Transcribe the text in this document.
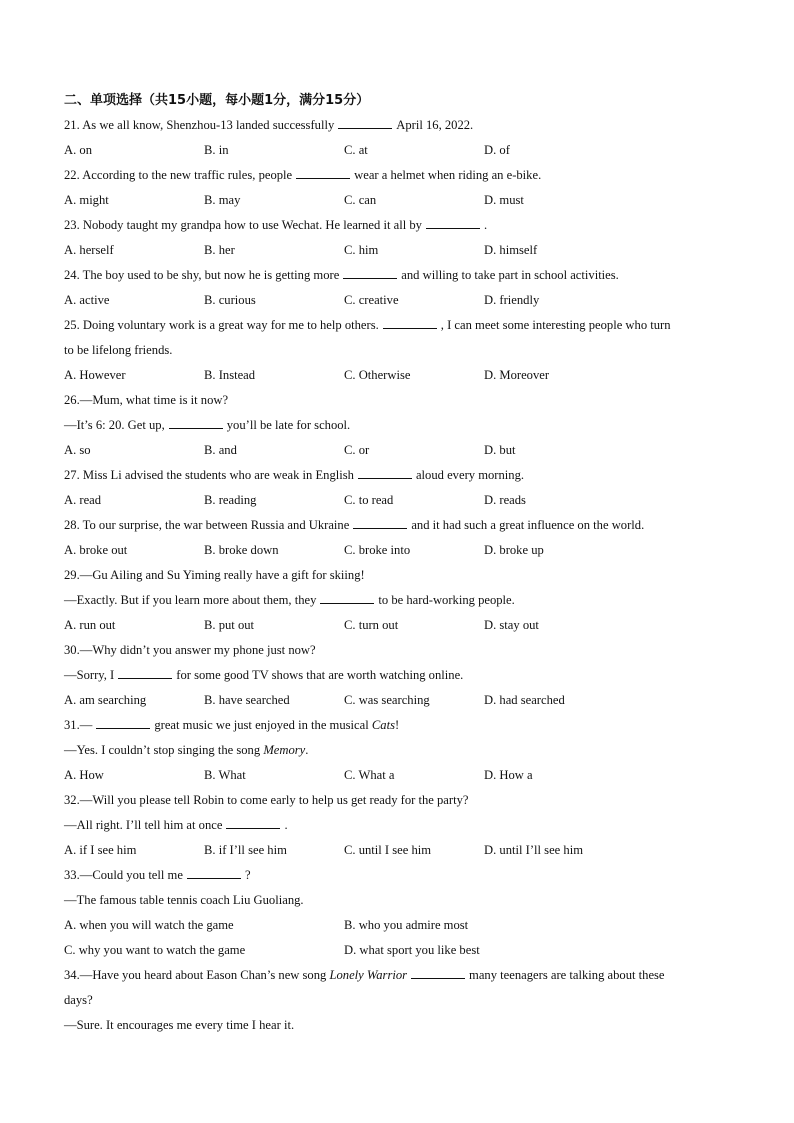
二、单项选择（共15小题，每小题1分，满分15分）
21. As we all know, Shenzhou-13 landed successfully	April 16, 2022.
A. on	B. in	C. at	D. of
22. According to the new traffic rules, people	wear a helmet when riding an e-bike.
A. might	B. may	C. can	D. must
23. Nobody taught my grandpa how to use Wechat. He learned it all by	.
A. herself	B. her	C. him	D. himself
24. The boy used to be shy, but now he is getting more	and willing to take part in school activities.
A. active	B. curious	C. creative	D. friendly
25. Doing voluntary work is a great way for me to help others.	, I can meet some interesting people who turn
to be lifelong friends.
A. However	B. Instead	C. Otherwise	D. Moreover
26.—Mum, what time is it now?
—It’s 6: 20. Get up,	you’ll be late for school.
A. so	B. and	C. or	D. but
27. Miss Li advised the students who are weak in English	aloud every morning.
A. read	B. reading	C. to read	D. reads
28. To our surprise, the war between Russia and Ukraine	and it had such a great influence on the world.
A. broke out	B. broke down	C. broke into	D. broke up
29.—Gu Ailing and Su Yiming really have a gift for skiing!
—Exactly. But if you learn more about them, they	to be hard-working people.
A. run out	B. put out	C. turn out	D. stay out
30.—Why didn’t you answer my phone just now?
—Sorry, I	for some good TV shows that are worth watching online.
A. am searching	B. have searched	C. was searching	D. had searched
31.—	great music we just enjoyed in the musical Cats!
—Yes. I couldn’t stop singing the song Memory.
A. How	B. What	C. What a	D. How a
32.—Will you please tell Robin to come early to help us get ready for the party?
—All right. I’ll tell him at once	.
A. if I see him	B. if I’ll see him	C. until I see him	D. until I’ll see him
33.—Could you tell me	?
—The famous table tennis coach Liu Guoliang.
A. when you will watch the game	B. who you admire most
C. why you want to watch the game	D. what sport you like best
34.—Have you heard about Eason Chan’s new song Lonely Warrior	many teenagers are talking about these
days?
—Sure. It encourages me every time I hear it.
